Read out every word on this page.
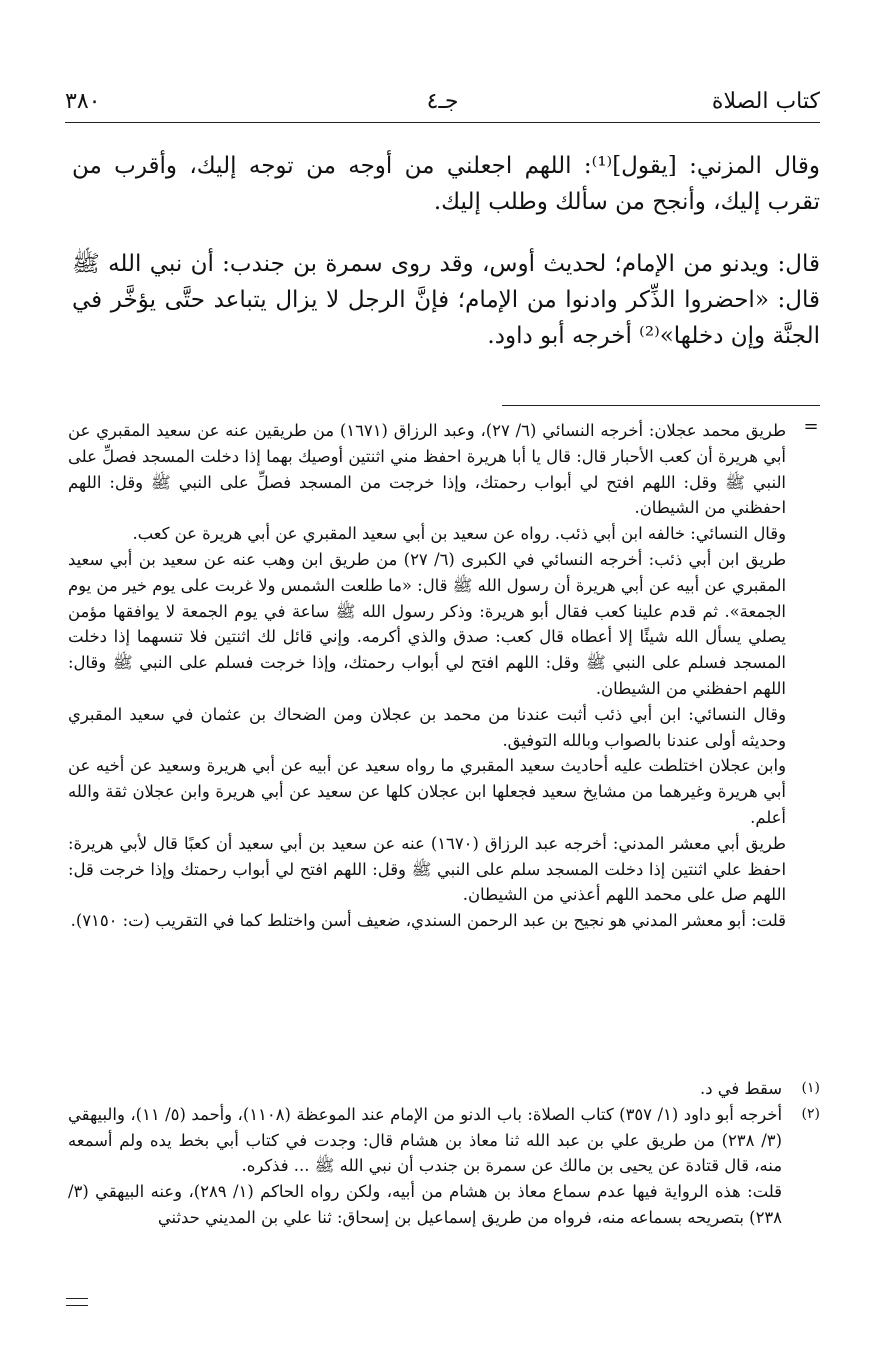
٣٨٠	جـ٤	كتاب الصلاة

وقال المزني: [يقول]⁽¹⁾: اللهم اجعلني من أوجه من توجه إليك، وأقرب من تقرب إليك، وأنجح من سألك وطلب إليك.

قال: ويدنو من الإمام؛ لحديث أوس، وقد روى سمرة بن جندب: أن نبي الله ﷺ قال: «احضروا الذِّكر وادنوا من الإمام؛ فإنَّ الرجل لا يزال يتباعد حتَّى يؤخَّر في الجنَّة وإن دخلها»⁽²⁾ أخرجه أبو داود.

=

طريق محمد عجلان: أخرجه النسائي (٦/ ٢٧)، وعبد الرزاق (١٦٧١) من طريقين عنه عن سعيد المقبري عن أبي هريرة أن كعب الأحبار قال: قال يا أبا هريرة احفظ مني اثنتين أوصيك بهما إذا دخلت المسجد فصلِّ على النبي ﷺ وقل: اللهم افتح لي أبواب رحمتك، وإذا خرجت من المسجد فصلِّ على النبي ﷺ وقل: اللهم احفظني من الشيطان.

وقال النسائي: خالفه ابن أبي ذئب. رواه عن سعيد بن أبي سعيد المقبري عن أبي هريرة عن كعب.

طريق ابن أبي ذئب: أخرجه النسائي في الكبرى (٦/ ٢٧) من طريق ابن وهب عنه عن سعيد بن أبي سعيد المقبري عن أبيه عن أبي هريرة أن رسول الله ﷺ قال: «ما طلعت الشمس ولا غربت على يوم خير من يوم الجمعة». ثم قدم علينا كعب فقال أبو هريرة: وذكر رسول الله ﷺ ساعة في يوم الجمعة لا يوافقها مؤمن يصلي يسأل الله شيئًا إلا أعطاه قال كعب: صدق والذي أكرمه. وإني قائل لك اثنتين فلا تنسهما إذا دخلت المسجد فسلم على النبي ﷺ وقل: اللهم افتح لي أبواب رحمتك، وإذا خرجت فسلم على النبي ﷺ وقال: اللهم احفظني من الشيطان.

وقال النسائي: ابن أبي ذئب أثبت عندنا من محمد بن عجلان ومن الضحاك بن عثمان في سعيد المقبري وحديثه أولى عندنا بالصواب وبالله التوفيق.

وابن عجلان اختلطت عليه أحاديث سعيد المقبري ما رواه سعيد عن أبيه عن أبي هريرة وسعيد عن أخيه عن أبي هريرة وغيرهما من مشايخ سعيد فجعلها ابن عجلان كلها عن سعيد عن أبي هريرة وابن عجلان ثقة والله أعلم.

طريق أبي معشر المدني: أخرجه عبد الرزاق (١٦٧٠) عنه عن سعيد بن أبي سعيد أن كعبًا قال لأبي هريرة: احفظ علي اثنتين إذا دخلت المسجد سلم على النبي ﷺ وقل: اللهم افتح لي أبواب رحمتك وإذا خرجت قل: اللهم صل على محمد اللهم أعذني من الشيطان.

قلت: أبو معشر المدني هو نجيح بن عبد الرحمن السندي، ضعيف أسن واختلط كما في التقريب (ت: ٧١٥٠).

(١)

سقط في د.

(٢)

أخرجه أبو داود (١/ ٣٥٧) كتاب الصلاة: باب الدنو من الإمام عند الموعظة (١١٠٨)، وأحمد (٥/ ١١)، والبيهقي (٣/ ٢٣٨) من طريق علي بن عبد الله ثنا معاذ بن هشام قال: وجدت في كتاب أبي بخط يده ولم أسمعه منه، قال قتادة عن يحيى بن مالك عن سمرة بن جندب أن نبي الله ﷺ ... فذكره.

قلت: هذه الرواية فيها عدم سماع معاذ بن هشام من أبيه، ولكن رواه الحاكم (١/ ٢٨٩)، وعنه البيهقي (٣/ ٢٣٨) بتصريحه بسماعه منه، فرواه من طريق إسماعيل بن إسحاق: ثنا علي بن المديني حدثني
